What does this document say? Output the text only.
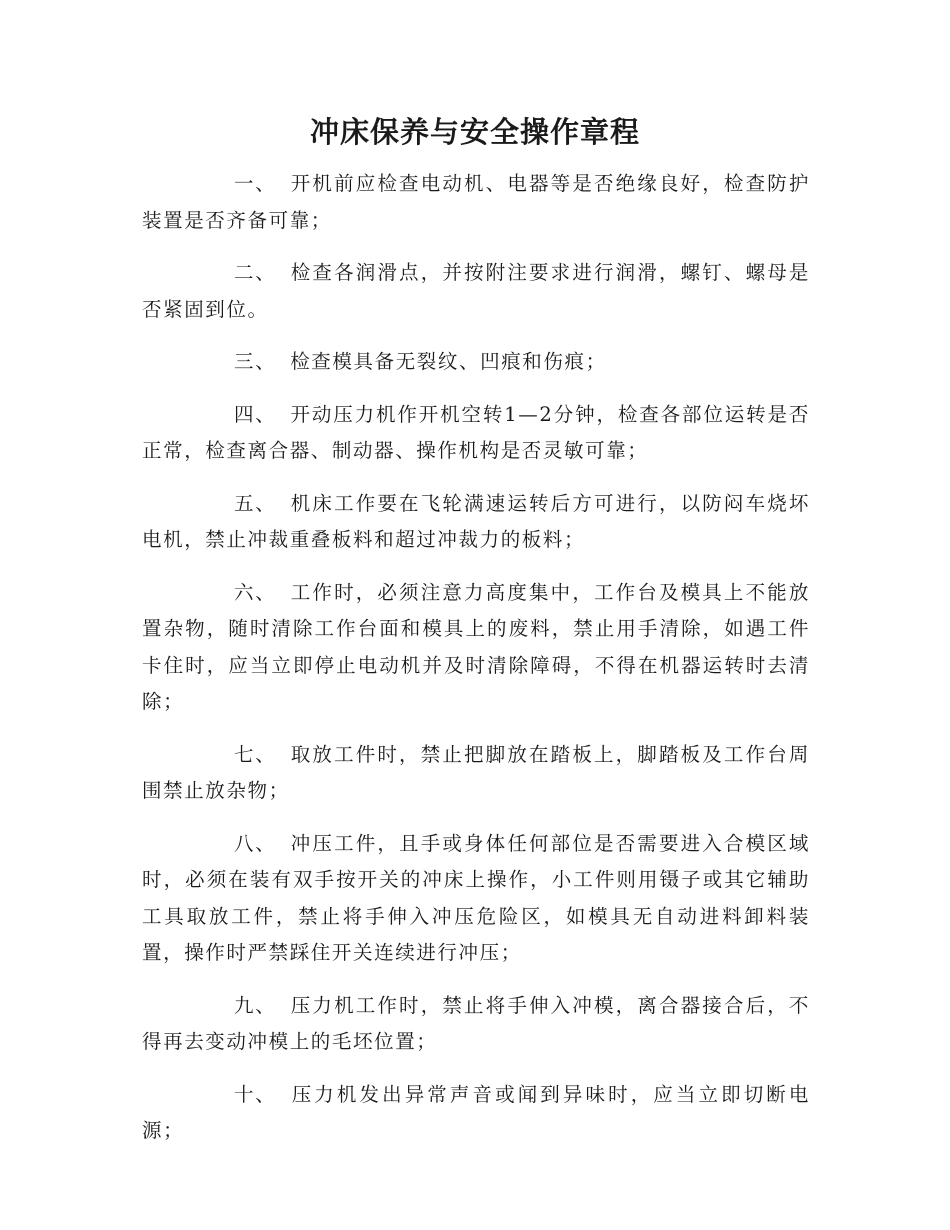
冲床保养与安全操作章程

一、 开机前应检查电动机、电器等是否绝缘良好，检查防护装置是否齐备可靠；

二、 检查各润滑点，并按附注要求进行润滑，螺钉、螺母是否紧固到位。

三、 检查模具备无裂纹、凹痕和伤痕；

四、 开动压力机作开机空转1—2分钟，检查各部位运转是否正常，检查离合器、制动器、操作机构是否灵敏可靠；

五、 机床工作要在飞轮满速运转后方可进行，以防闷车烧坏电机，禁止冲裁重叠板料和超过冲裁力的板料；

六、 工作时，必须注意力高度集中，工作台及模具上不能放置杂物，随时清除工作台面和模具上的废料，禁止用手清除，如遇工件卡住时，应当立即停止电动机并及时清除障碍，不得在机器运转时去清除；

七、 取放工件时，禁止把脚放在踏板上，脚踏板及工作台周围禁止放杂物；

八、 冲压工件，且手或身体任何部位是否需要进入合模区域时，必须在装有双手按开关的冲床上操作，小工件则用镊子或其它辅助工具取放工件，禁止将手伸入冲压危险区，如模具无自动进料卸料装置，操作时严禁踩住开关连续进行冲压；

九、 压力机工作时，禁止将手伸入冲模，离合器接合后，不得再去变动冲模上的毛坯位置；

十、 压力机发出异常声音或闻到异味时，应当立即切断电源；
